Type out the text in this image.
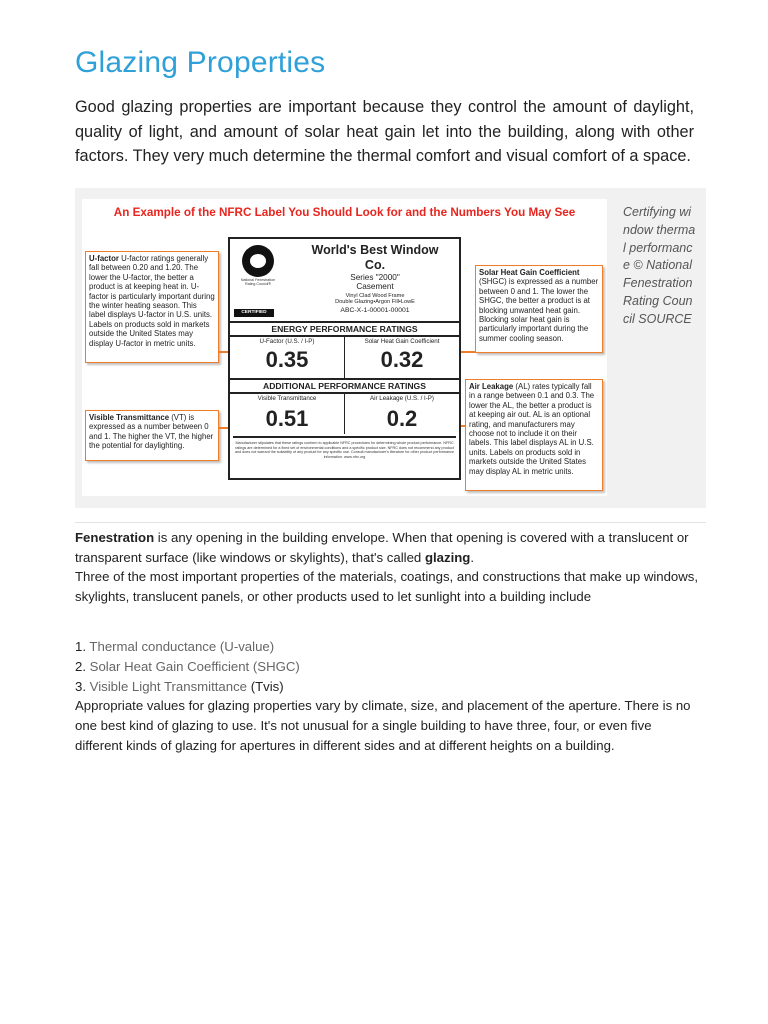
Glazing Properties

Good glazing properties are important because they control the amount of daylight, quality of light, and amount of solar heat gain let into the building, along with other factors. They very much determine the thermal comfort and visual comfort of a space.

An Example of the NFRC Label You Should Look for and the Numbers You May See
U-factor U-factor ratings generally fall between 0.20 and 1.20. The lower the U-factor, the better a product is at keeping heat in. U-factor is particularly important during the winter heating season. This label displays U-factor in U.S. units. Labels on products sold in markets outside the United States may display U-factor in metric units.
Visible Transmittance (VT) is expressed as a number between 0 and 1. The higher the VT, the higher the potential for daylighting.
Solar Heat Gain Coefficient
(SHGC) is expressed as a number between 0 and 1. The lower the SHGC, the better a product is at blocking unwanted heat gain. Blocking solar heat gain is particularly important during the summer cooling season.
Air Leakage (AL) rates typically fall in a range between 0.1 and 0.3. The lower the AL, the better a product is at keeping air out. AL is an optional rating, and manufacturers may choose not to include it on their labels. This label displays AL in U.S. units. Labels on products sold in markets outside the United States may display AL in metric units.
National Fenestration Rating Council®
CERTIFIED
World's Best Window Co.
Series "2000"
Casement
Vinyl Clad Wood Frame
Double Glazing•Argon Fill•LowE
ABC-X-1-00001-00001
ENERGY PERFORMANCE RATINGS
U-Factor (U.S. / I-P)
0.35
Solar Heat Gain Coefficient
0.32
ADDITIONAL PERFORMANCE RATINGS
Visible Transmittance
0.51
Air Leakage (U.S. / I-P)
0.2
Manufacturer stipulates that these ratings conform to applicable NFRC procedures for determining whole product performance. NFRC ratings are determined for a fixed set of environmental conditions and a specific product size. NFRC does not recommend any product and does not warrant the suitability of any product for any specific use. Consult manufacturer's literature for other product performance information. www.nfrc.org
Certifying window thermal performance © National Fenestration Rating Council SOURCE

Fenestration is any opening in the building envelope. When that opening is covered with a translucent or transparent surface (like windows or skylights), that's called glazing.

Three of the most important properties of the materials, coatings, and constructions that make up windows, skylights, translucent panels, or other products used to let sunlight into a building include

1. Thermal conductance (U-value)
2. Solar Heat Gain Coefficient (SHGC)
3. Visible Light Transmittance (Tvis)

Appropriate values for glazing properties vary by climate, size, and placement of the aperture. There is no one best kind of glazing to use. It's not unusual for a single building to have three, four, or even five different kinds of glazing for apertures in different sides and at different heights on a building.
